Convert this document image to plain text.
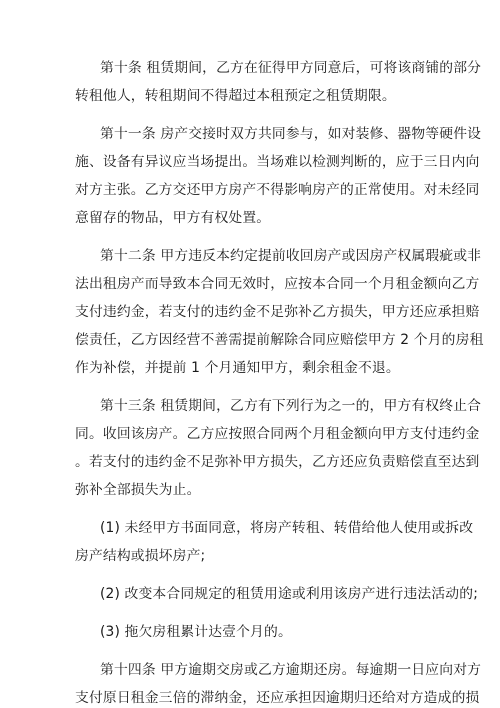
第十条 租赁期间，乙方在征得甲方同意后，可将该商铺的部分
转租他人，转租期间不得超过本租预定之租赁期限。
第十一条 房产交接时双方共同参与，如对装修、器物等硬件设
施、设备有异议应当场提出。当场难以检测判断的，应于三日内向
对方主张。乙方交还甲方房产不得影响房产的正常使用。对未经同
意留存的物品，甲方有权处置。
第十二条 甲方违反本约定提前收回房产或因房产权属瑕疵或非
法出租房产而导致本合同无效时，应按本合同一个月租金额向乙方
支付违约金，若支付的违约金不足弥补乙方损失，甲方还应承担赔
偿责任，乙方因经营不善需提前解除合同应赔偿甲方 2 个月的房租
作为补偿，并提前 1 个月通知甲方，剩余租金不退。
第十三条 租赁期间，乙方有下列行为之一的，甲方有权终止合
同。收回该房产。乙方应按照合同两个月租金额向甲方支付违约金
。若支付的违约金不足弥补甲方损失，乙方还应负责赔偿直至达到
弥补全部损失为止。
(1) 未经甲方书面同意，将房产转租、转借给他人使用或拆改
房产结构或损坏房产;
(2) 改变本合同规定的租赁用途或利用该房产进行违法活动的;
(3) 拖欠房租累计达壹个月的。
第十四条 甲方逾期交房或乙方逾期还房。每逾期一日应向对方
支付原日租金三倍的滞纳金，还应承担因逾期归还给对方造成的损
